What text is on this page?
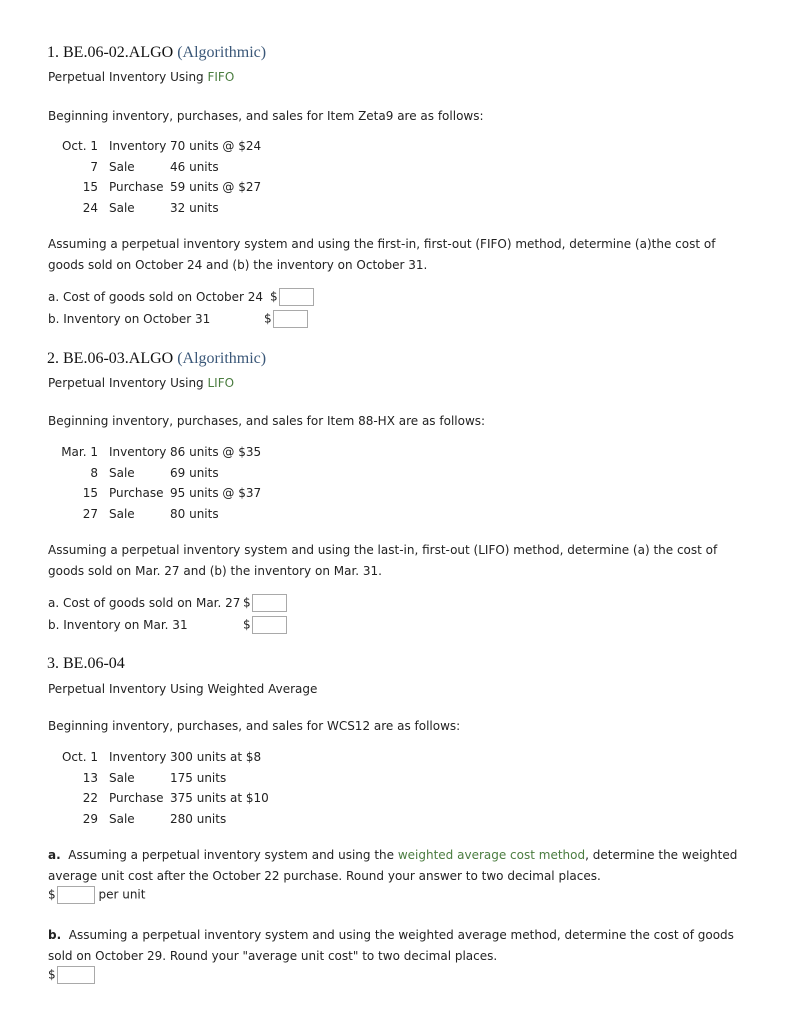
1. BE.06-02.ALGO (Algorithmic)
Perpetual Inventory Using FIFO
Beginning inventory, purchases, and sales for Item Zeta9 are as follows:
Oct. 1	Inventory	70 units @ $24
7	Sale	46 units
15	Purchase	59 units @ $27
24	Sale	32 units
Assuming a perpetual inventory system and using the first-in, first-out (FIFO) method, determine (a)the cost of goods sold on October 24 and (b) the inventory on October 31.
a. Cost of goods sold on October 24 $
b. Inventory on October 31	$
2. BE.06-03.ALGO (Algorithmic)
Perpetual Inventory Using LIFO
Beginning inventory, purchases, and sales for Item 88-HX are as follows:
Mar. 1	Inventory	86 units @ $35
8	Sale	69 units
15	Purchase	95 units @ $37
27	Sale	80 units
Assuming a perpetual inventory system and using the last-in, first-out (LIFO) method, determine (a) the cost of goods sold on Mar. 27 and (b) the inventory on Mar. 31.
a. Cost of goods sold on Mar. 27 $
b. Inventory on Mar. 31	$
3. BE.06-04
Perpetual Inventory Using Weighted Average
Beginning inventory, purchases, and sales for WCS12 are as follows:
Oct. 1	Inventory	300 units at $8
13	Sale	175 units
22	Purchase	375 units at $10
29	Sale	280 units
a. Assuming a perpetual inventory system and using the weighted average cost method, determine the weighted average unit cost after the October 22 purchase. Round your answer to two decimal places.
$	per unit
b. Assuming a perpetual inventory system and using the weighted average method, determine the cost of goods sold on October 29. Round your "average unit cost" to two decimal places.
$
